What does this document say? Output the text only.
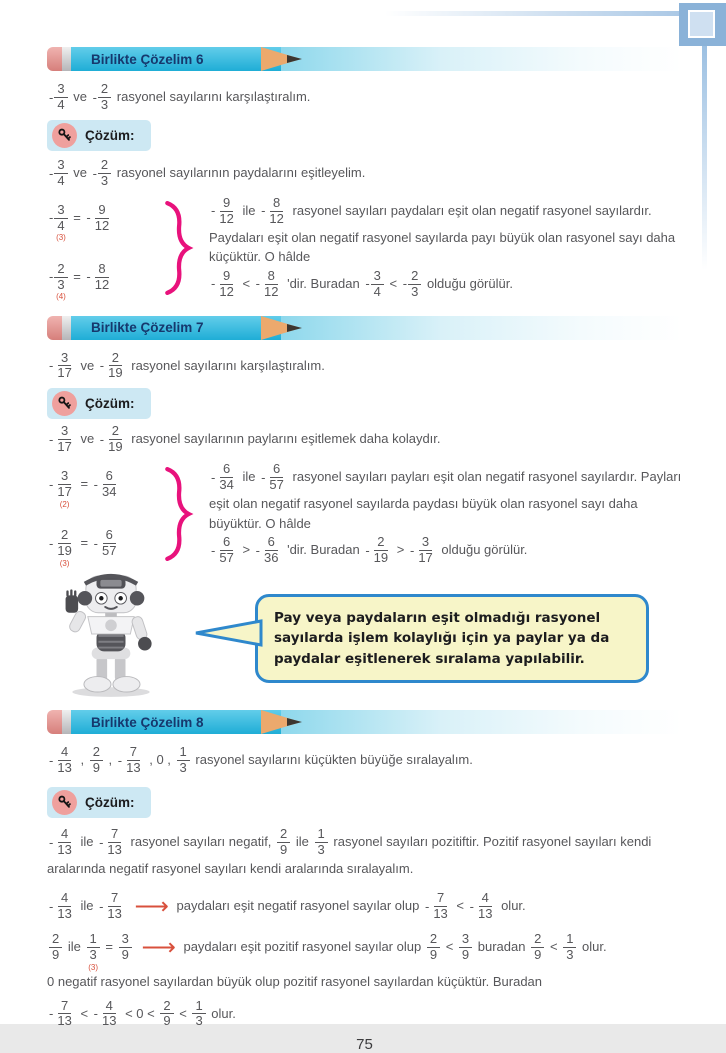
Birlikte Çözelim 6
-
3
4
ve -
2
3
rasyonel sayılarını karşılaştıralım.
Çözüm:
-
3
4
ve -
2
3
rasyonel sayılarının paydalarını eşitleyelim.
-
3
4
(3)
= -
9
12
-
2
3
(4)
= -
8
12
-
9
12
ile -
8
12
rasyonel sayıları paydaları eşit olan negatif rasyonel sayılardır. Paydaları eşit olan negatif rasyonel sayılarda payı büyük olan rasyonel sayı daha küçüktür. O hâlde
-
9
12
< -
8
12
'dir. Buradan -
3
4
< -
2
3
olduğu görülür.
Birlikte Çözelim 7
-
3
17
ve -
2
19
rasyonel sayılarını karşılaştıralım.
Çözüm:
-
3
17
ve -
2
19
rasyonel sayılarının paylarını eşitlemek daha kolaydır.
-
3
17
(2)
= -
6
34
-
2
19
(3)
= -
6
57
-
6
34
ile -
6
57
rasyonel sayıları payları eşit olan negatif rasyonel sayılardır. Payları eşit olan negatif rasyonel sayılarda paydası büyük olan rasyonel sayı daha büyüktür. O hâlde
-
6
57
> -
6
36
'dir. Buradan -
2
19
> -
3
17
olduğu görülür.
Pay veya paydaların eşit olmadığı rasyonel sayılarda işlem kolaylığı için ya paylar ya da paydalar eşitlenerek sıralama yapılabilir.
Birlikte Çözelim 8
-
4
13
,
2
9
, -
7
13
, 0 ,
1
3
rasyonel sayılarını küçükten büyüğe sıralayalım.
Çözüm:
-
4
13
ile -
7
13
rasyonel sayıları negatif,
2
9
ile
1
3
rasyonel sayıları pozitiftir. Pozitif rasyonel sayıları kendi aralarında negatif rasyonel sayıları kendi aralarında sıralayalım.
-
4
13
ile -
7
13 ⟶ paydaları eşit negatif rasyonel sayılar olup -
7
13
< -
4
13
olur.
2
9
ile
1
3
(3)
=
3
9 ⟶ paydaları eşit pozitif rasyonel sayılar olup
2
9
<
3
9
buradan
2
9
<
1
3
olur.
0 negatif rasyonel sayılardan büyük olup pozitif rasyonel sayılardan küçüktür. Buradan
-
7
13
< -
4
13
< 0 <
2
9
<
1
3
olur.
75
